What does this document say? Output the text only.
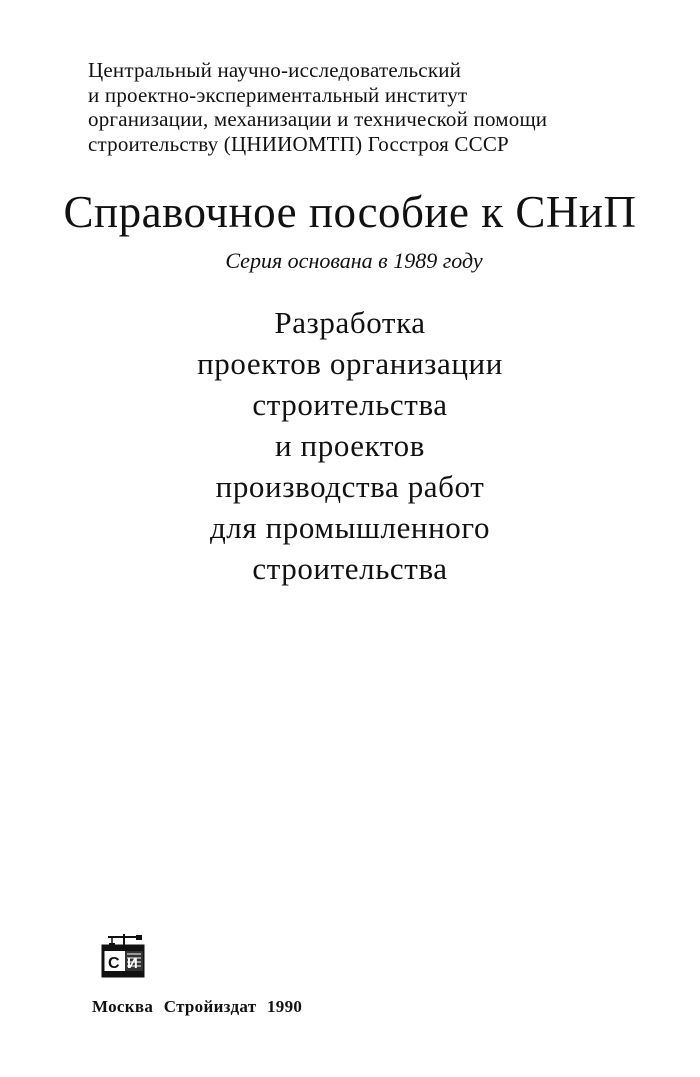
Центральный научно-исследовательский
и проектно-экспериментальный институт
организации, механизации и технической помощи
строительству (ЦНИИОМТП) Госстроя СССР
Справочное пособие к СНиП
Серия основана в 1989 году
Разработка
проектов организации
строительства
и проектов
производства работ
для промышленного
строительства
С И
Москва Стройиздат 1990
